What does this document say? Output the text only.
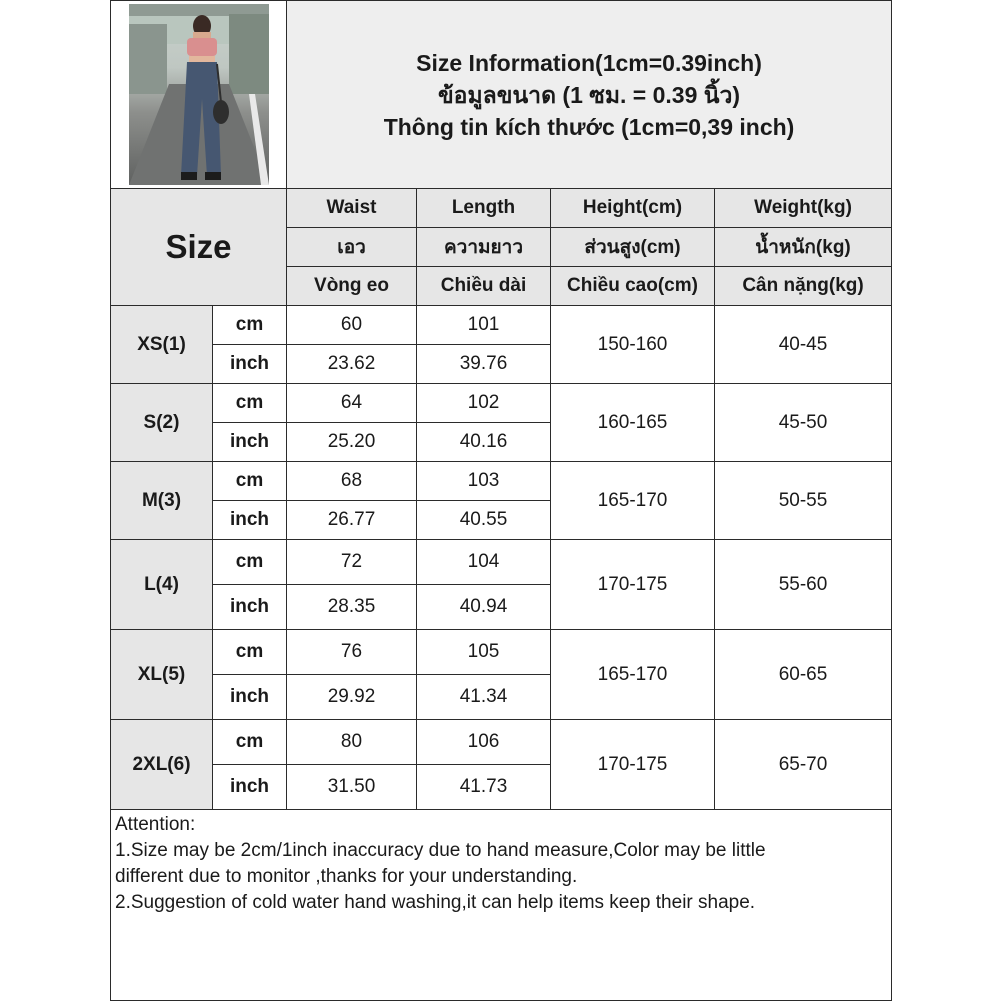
Size Information(1cm=0.39inch)
ข้อมูลขนาด (1 ซม. = 0.39 นิ้ว)
Thông tin kích thước (1cm=0,39 inch)			

Size		Waist	Length	Height(cm)	Weight(kg)
		เอว	ความยาว	ส่วนสูง(cm)	น้ำหนัก(kg)
		Vòng eo	Chiều dài	Chiều cao(cm)	Cân nặng(kg)
XS(1)	cm	60	101	150-160	40-45
	inch	23.62	39.76		
S(2)	cm	64	102	160-165	45-50
	inch	25.20	40.16		
M(3)	cm	68	103	165-170	50-55
	inch	26.77	40.55		
L(4)	cm	72	104	170-175	55-60
	inch	28.35	40.94		
XL(5)	cm	76	105	165-170	60-65
	inch	29.92	41.34		
2XL(6)	cm	80	106	170-175	65-70
	inch	31.50	41.73		

Attention:
1.Size may be 2cm/1inch inaccuracy due to hand measure,Color may be little
different due to monitor ,thanks for your understanding.
2.Suggestion of cold water hand washing,it can help items keep their shape.					
